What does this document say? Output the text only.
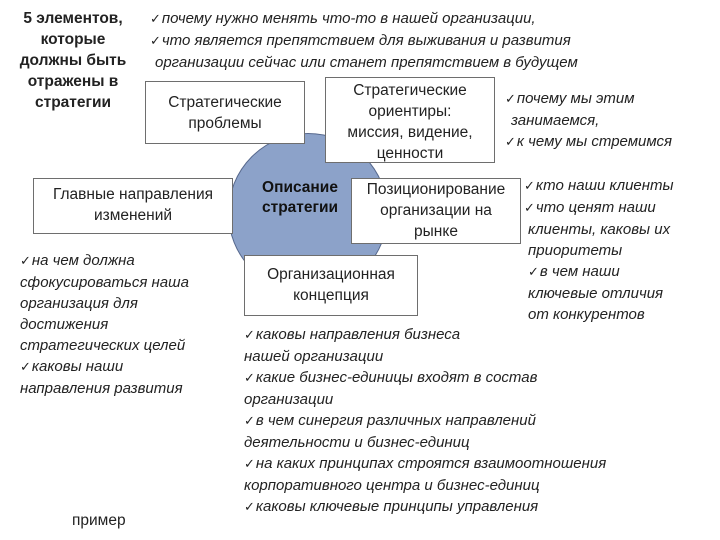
5 элементов,
которые
должны быть
отражены в
стратегии
✓почему нужно менять что-то в нашей организации,
✓что является препятствием для выживания и развития
организации сейчас или станет препятствием в будущем
Описание
стратегии
Стратегические
проблемы
Стратегические
ориентиры:
миссия, видение,
ценности
✓почему мы этим
занимаемся,
✓к чему мы стремимся
Главные направления
изменений
Позиционирование
организации на
рынке
✓кто наши клиенты
✓что ценят наши
клиенты, каковы их
приоритеты
✓в чем наши
ключевые отличия
от конкурентов
Организационная
концепция
✓на чем должна
сфокусироваться наша
организация для
достижения
стратегических целей
✓каковы наши
направления развития
✓каковы направления бизнеса
нашей организации
✓какие бизнес-единицы входят в состав
организации
✓в чем синергия различных направлений
деятельности и бизнес-единиц
✓на каких принципах строятся взаимоотношения
корпоративного центра и бизнес-единиц
✓каковы ключевые принципы управления
пример
